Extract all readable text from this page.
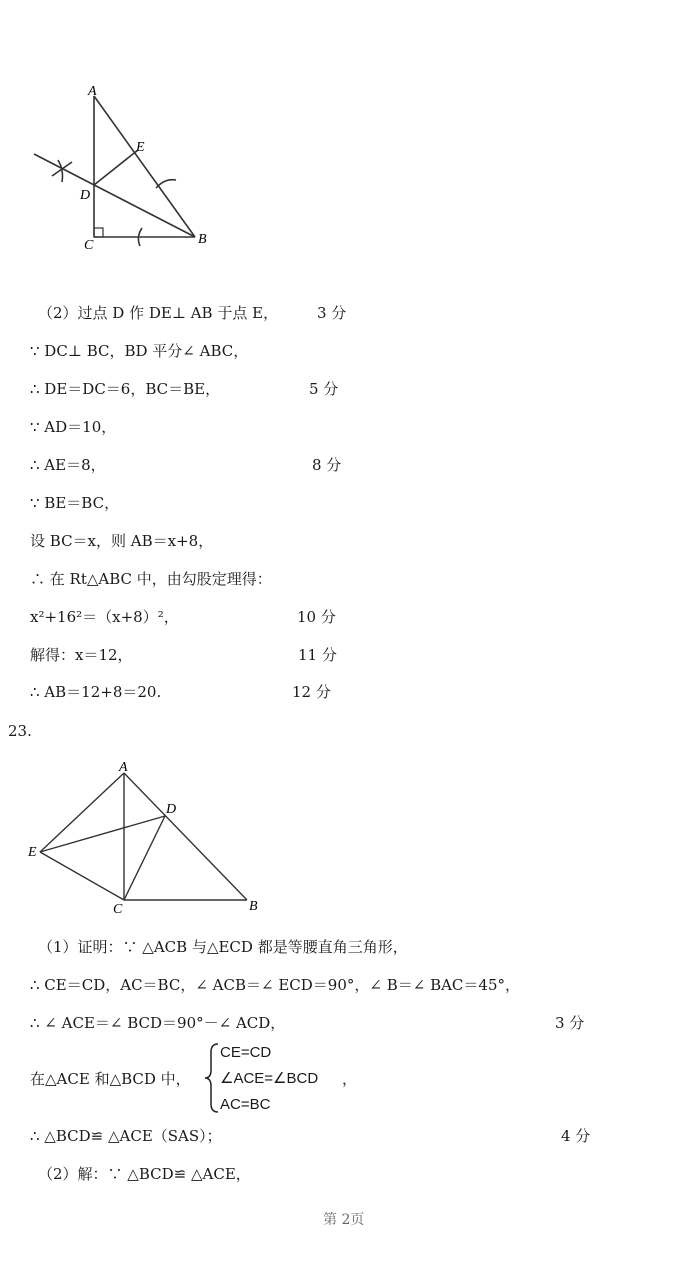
A
E
D
C	B
A
D
E
C	B
（2）过点 D 作 DE⊥ AB 于点 E，
∵ DC⊥ BC，BD 平分∠ ABC，
∴ DE＝DC＝6，BC＝BE，
∵ AD＝10，
∴ AE＝8，
∵ BE＝BC，
设 BC＝x，则 AB＝x+8，
∴ 在 Rt△ABC 中，由勾股定理得：
x²+16²＝（x+8）²，
解得：x＝12，
∴ AB＝12+8＝20.
3 分
5 分
8 分
10 分
11 分
12 分
23.
（1）证明：∵ △ACB 与△ECD 都是等腰直角三角形，
∴ CE＝CD，AC＝BC，∠ ACB＝∠ ECD＝90°，∠ B＝∠ BAC＝45°，
∴ ∠ ACE＝∠ BCD＝90°－∠ ACD，
在△ACE 和△BCD 中，
CE=CD
∠ACE=∠BCD
AC=BC
，
∴ △BCD≌ △ACE（SAS）；
（2）解：∵ △BCD≌ △ACE，
3 分
4 分
第 2页
